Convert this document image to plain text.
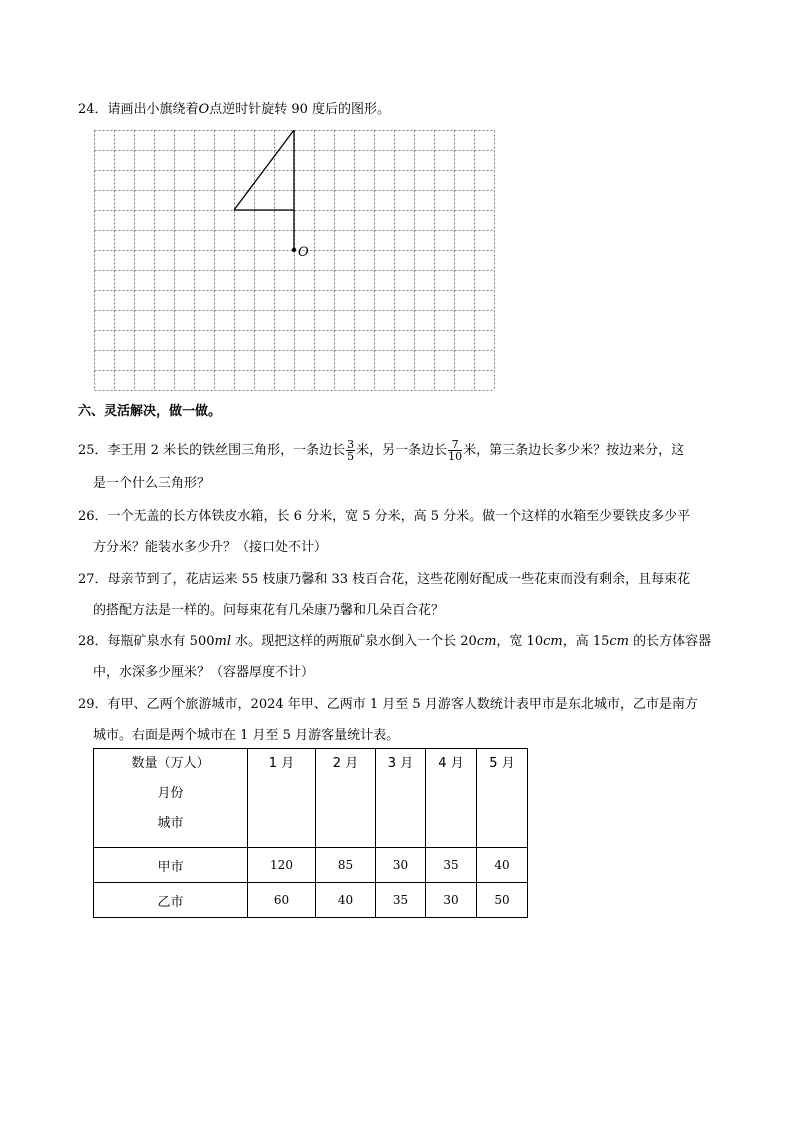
24．请画出小旗绕着O点逆时针旋转 90 度后的图形。
O
六、灵活解决，做一做。
25．李王用 2 米长的铁丝围三角形，一条边长 $\frac{3}{5}$ 米，另一条边长 $\frac{7}{10}$ 米，第三条边长多少米？按边来分，这
是一个什么三角形？
26．一个无盖的长方体铁皮水箱，长 6 分米，宽 5 分米，高 5 分米。做一个这样的水箱至少要铁皮多少平
方分米？能装水多少升？（接口处不计）
27．母亲节到了，花店运来 55 枝康乃馨和 33 枝百合花，这些花刚好配成一些花束而没有剩余，且每束花
的搭配方法是一样的。问每束花有几朵康乃馨和几朵百合花？
28．每瓶矿泉水有 500ml 水。现把这样的两瓶矿泉水倒入一个长 20cm，宽 10cm，高 15cm 的长方体容器
中，水深多少厘米？（容器厚度不计）
29．有甲、乙两个旅游城市，2024 年甲、乙两市 1 月至 5 月游客人数统计表甲市是东北城市，乙市是南方
城市。右面是两个城市在 1 月至 5 月游客量统计表。
数量（万人）
月份
城市	1 月	2 月	3 月	4 月	5 月

甲市	120	85	30	35	40
乙市	60	40	35	30	50
